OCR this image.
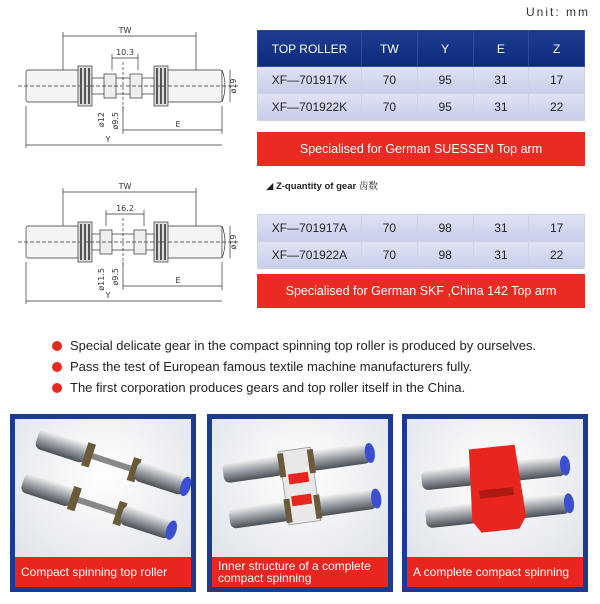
Unit: mm
TW
10.3
ø19
ø12 ø9.5	E
Y
TW
16.2
ø19
ø11.5 ø9.5	E
Y
TOP ROLLER	TW	Y	E	Z
XF—701917K	70	95	31	17
XF—701922K	70	95	31	22
Specialised for German SUESSEN Top arm
◢ Z-quantity of gear 齿数
XF—701917A	70	98	31	17
XF—701922A	70	98	31	22
Specialised for German SKF ,China 142 Top arm
Special delicate gear in the compact spinning top roller is produced by ourselves.
Pass the test of European famous textile machine manufacturers fully.
The first corporation produces gears and top roller itself in the China.
Compact spinning top roller	Inner structure of a complete compact spinning	A complete compact spinning
